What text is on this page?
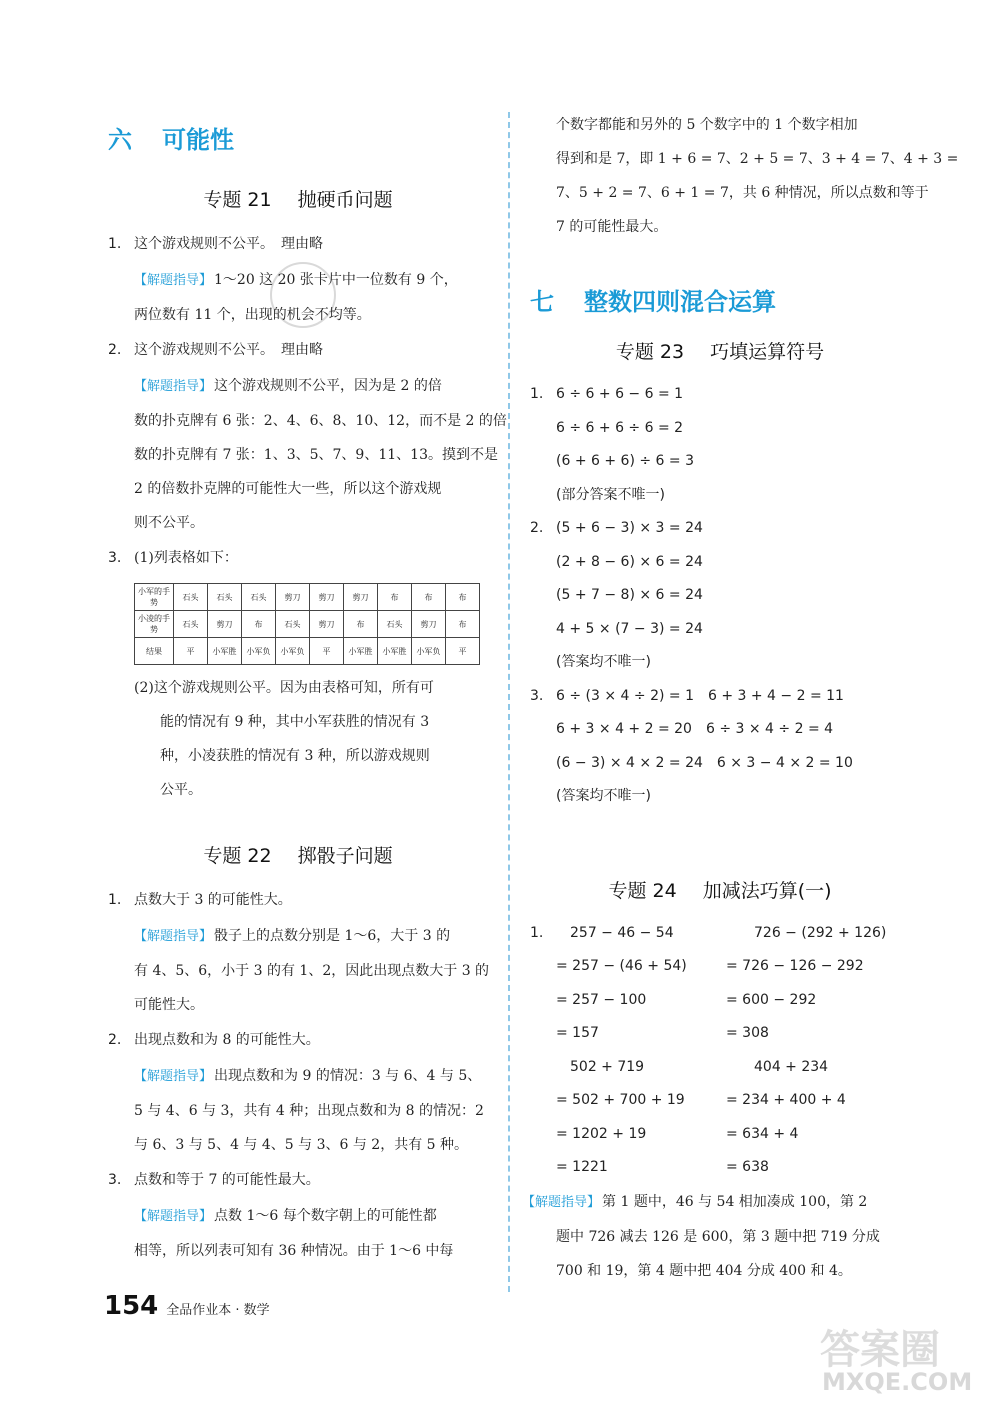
六	可能性
专题 21 抛硬币问题
1. 这个游戏规则不公平。　理由略
【解题指导】 1～20 这 20 张卡片中一位数有 9 个，
两位数有 11 个，出现的机会不均等。
2. 这个游戏规则不公平。　理由略
【解题指导】 这个游戏规则不公平，因为是 2 的倍
数的扑克牌有 6 张：2、4、6、8、10、12，而不是 2 的倍
数的扑克牌有 7 张：1、3、5、7、9、11、13。摸到不是
2 的倍数扑克牌的可能性大一些，所以这个游戏规
则不公平。
3. (1)列表格如下：
小军的手势	石头	石头	石头	剪刀	剪刀	剪刀	布	布	布
小凌的手势	石头	剪刀	布	石头	剪刀	布	石头	剪刀	布
结果	平	小军胜	小军负	小军负	平	小军胜	小军胜	小军负	平
(2)这个游戏规则公平。因为由表格可知，所有可
能的情况有 9 种，其中小军获胜的情况有 3
种，小凌获胜的情况有 3 种，所以游戏规则
公平。
专题 22 掷骰子问题
1. 点数大于 3 的可能性大。
【解题指导】 骰子上的点数分别是 1～6，大于 3 的
有 4、5、6，小于 3 的有 1、2，因此出现点数大于 3 的
可能性大。
2. 出现点数和为 8 的可能性大。
【解题指导】 出现点数和为 9 的情况：3 与 6、4 与 5、
5 与 4、6 与 3，共有 4 种；出现点数和为 8 的情况：2
与 6、3 与 5、4 与 4、5 与 3、6 与 2，共有 5 种。
3. 点数和等于 7 的可能性最大。
【解题指导】 点数 1～6 每个数字朝上的可能性都
相等，所以列表可知有 36 种情况。由于 1～6 中每
个数字都能和另外的 5 个数字中的 1 个数字相加
得到和是 7，即 1 + 6 = 7、2 + 5 = 7、3 + 4 = 7、4 + 3 =
7、5 + 2 = 7、6 + 1 = 7，共 6 种情况，所以点数和等于
7 的可能性最大。
七	整数四则混合运算
专题 23 巧填运算符号
1. 6 ÷ 6 + 6 − 6 = 1
6 ÷ 6 + 6 ÷ 6 = 2
(6 + 6 + 6) ÷ 6 = 3
(部分答案不唯一)
2. (5 + 6 − 3) × 3 = 24
(2 + 8 − 6) × 6 = 24
(5 + 7 − 8) × 6 = 24
4 + 5 × (7 − 3) = 24
(答案均不唯一)
3. 6 ÷ (3 × 4 ÷ 2) = 1　6 + 3 + 4 − 2 = 11
6 + 3 × 4 + 2 = 20　6 ÷ 3 × 4 ÷ 2 = 4
(6 − 3) × 4 × 2 = 24　6 × 3 − 4 × 2 = 10
(答案均不唯一)
专题 24 加减法巧算(一)
1.	257 − 46 − 54	726 − (292 + 126)
= 257 − (46 + 54)	= 726 − 126 − 292
= 257 − 100	= 600 − 292
= 157	= 308
502 + 719	404 + 234
= 502 + 700 + 19	= 234 + 400 + 4
= 1202 + 19	= 634 + 4
= 1221	= 638
【解题指导】 第 1 题中，46 与 54 相加凑成 100，第 2
题中 726 减去 126 是 600，第 3 题中把 719 分成
700 和 19，第 4 题中把 404 分成 400 和 4。
154 全品作业本 · 数学
答案圈
MXQE.COM
